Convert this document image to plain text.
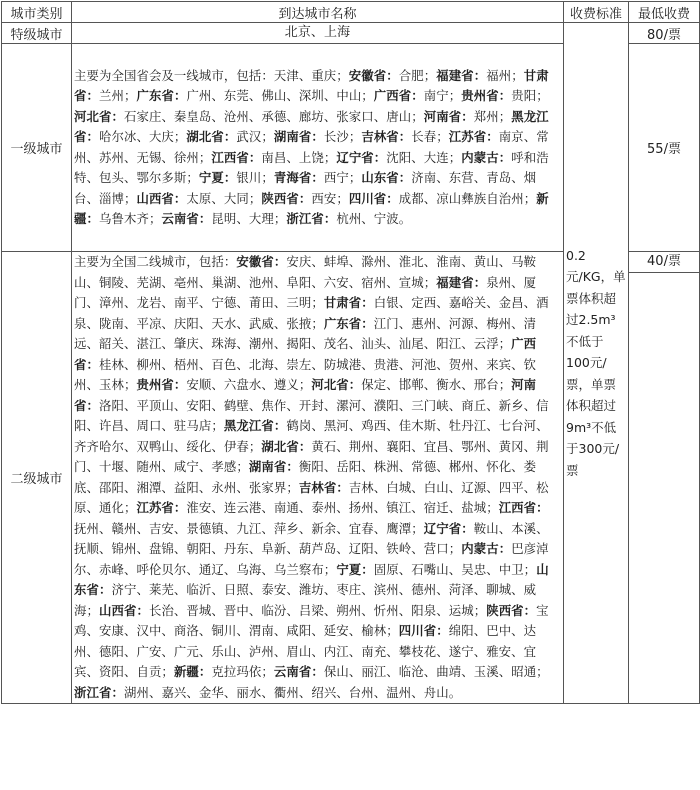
城市类别	到达城市名称	收费标准	最低收费
特级城市	北京、上海	0.2元/KG，单票体积超过2.5m³不低于100元/票，单票体积超过9m³不低于300元/票	80/票
一级城市	主要为全国省会及一线城市，包括：天津、重庆；安徽省：合肥；福建省：福州；甘肃省：兰州；广东省：广州、东莞、佛山、深圳、中山；广西省：南宁；贵州省：贵阳；河北省：石家庄、秦皇岛、沧州、承德、廊坊、张家口、唐山；河南省：郑州；黑龙江省：哈尔冰、大庆；湖北省：武汉；湖南省：长沙；吉林省：长春；江苏省：南京、常州、苏州、无锡、徐州；江西省：南昌、上饶；辽宁省：沈阳、大连；内蒙古：呼和浩特、包头、鄂尔多斯；宁夏：银川；青海省：西宁；山东省：济南、东营、青岛、烟台、淄博；山西省：太原、大同；陕西省：西安；四川省：成都、凉山彝族自治州；新疆：乌鲁木齐；云南省：昆明、大理；浙江省：杭州、宁波。		55/票
二级城市	主要为全国二线城市，包括：安徽省：安庆、蚌埠、滁州、淮北、淮南、黄山、马鞍山、铜陵、芜湖、亳州、巢湖、池州、阜阳、六安、宿州、宣城；福建省：泉州、厦门、漳州、龙岩、南平、宁德、莆田、三明；甘肃省：白银、定西、嘉峪关、金昌、酒泉、陇南、平凉、庆阳、天水、武威、张掖；广东省：江门、惠州、河源、梅州、清远、韶关、湛江、肇庆、珠海、潮州、揭阳、茂名、汕头、汕尾、阳江、云浮；广西省：桂林、柳州、梧州、百色、北海、崇左、防城港、贵港、河池、贺州、来宾、钦州、玉林；贵州省：安顺、六盘水、遵义；河北省：保定、邯郸、衡水、邢台；河南省：洛阳、平顶山、安阳、鹤壁、焦作、开封、漯河、濮阳、三门峡、商丘、新乡、信阳、许昌、周口、驻马店；黑龙江省：鹤岗、黑河、鸡西、佳木斯、牡丹江、七台河、齐齐哈尔、双鸭山、绥化、伊春；湖北省：黄石、荆州、襄阳、宜昌、鄂州、黄冈、荆门、十堰、随州、咸宁、孝感；湖南省：衡阳、岳阳、株洲、常德、郴州、怀化、娄底、邵阳、湘潭、益阳、永州、张家界；吉林省：吉林、白城、白山、辽源、四平、松原、通化；江苏省：淮安、连云港、南通、泰州、扬州、镇江、宿迁、盐城；江西省：抚州、赣州、吉安、景德镇、九江、萍乡、新余、宜春、鹰潭；辽宁省：鞍山、本溪、抚顺、锦州、盘锦、朝阳、丹东、阜新、葫芦岛、辽阳、铁岭、营口；内蒙古：巴彦淖尔、赤峰、呼伦贝尔、通辽、乌海、乌兰察布；宁夏：固原、石嘴山、吴忠、中卫；山东省：济宁、莱芜、临沂、日照、泰安、潍坊、枣庄、滨州、德州、菏泽、聊城、威海；山西省：长治、晋城、晋中、临汾、吕梁、朔州、忻州、阳泉、运城；陕西省：宝鸡、安康、汉中、商洛、铜川、渭南、咸阳、延安、榆林；四川省：绵阳、巴中、达州、德阳、广安、广元、乐山、泸州、眉山、内江、南充、攀枝花、遂宁、雅安、宜宾、资阳、自贡；新疆：克拉玛依；云南省：保山、丽江、临沧、曲靖、玉溪、昭通；浙江省：湖州、嘉兴、金华、丽水、衢州、绍兴、台州、温州、舟山。		40/票
